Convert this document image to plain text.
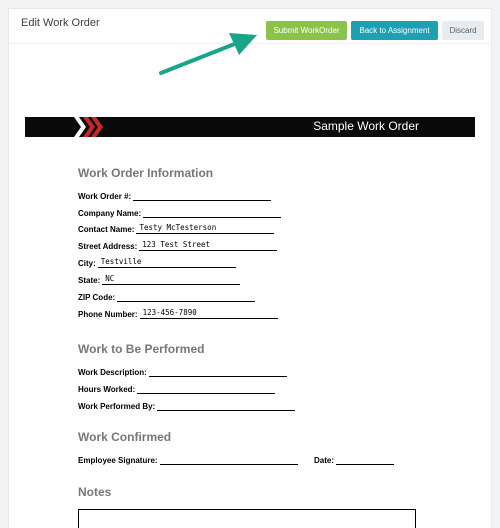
Edit Work Order
Submit WorkOrder	Back to Assignment	Discard
Sample Work Order
Work Order Information
Work Order #:
Company Name:
Contact Name: Testy McTesterson
Street Address: 123 Test Street
City: Testville
State: NC
ZIP Code:
Phone Number: 123-456-7890
Work to Be Performed
Work Description:
Hours Worked:
Work Performed By:
Work Confirmed
Employee Signature:	Date:
Notes
